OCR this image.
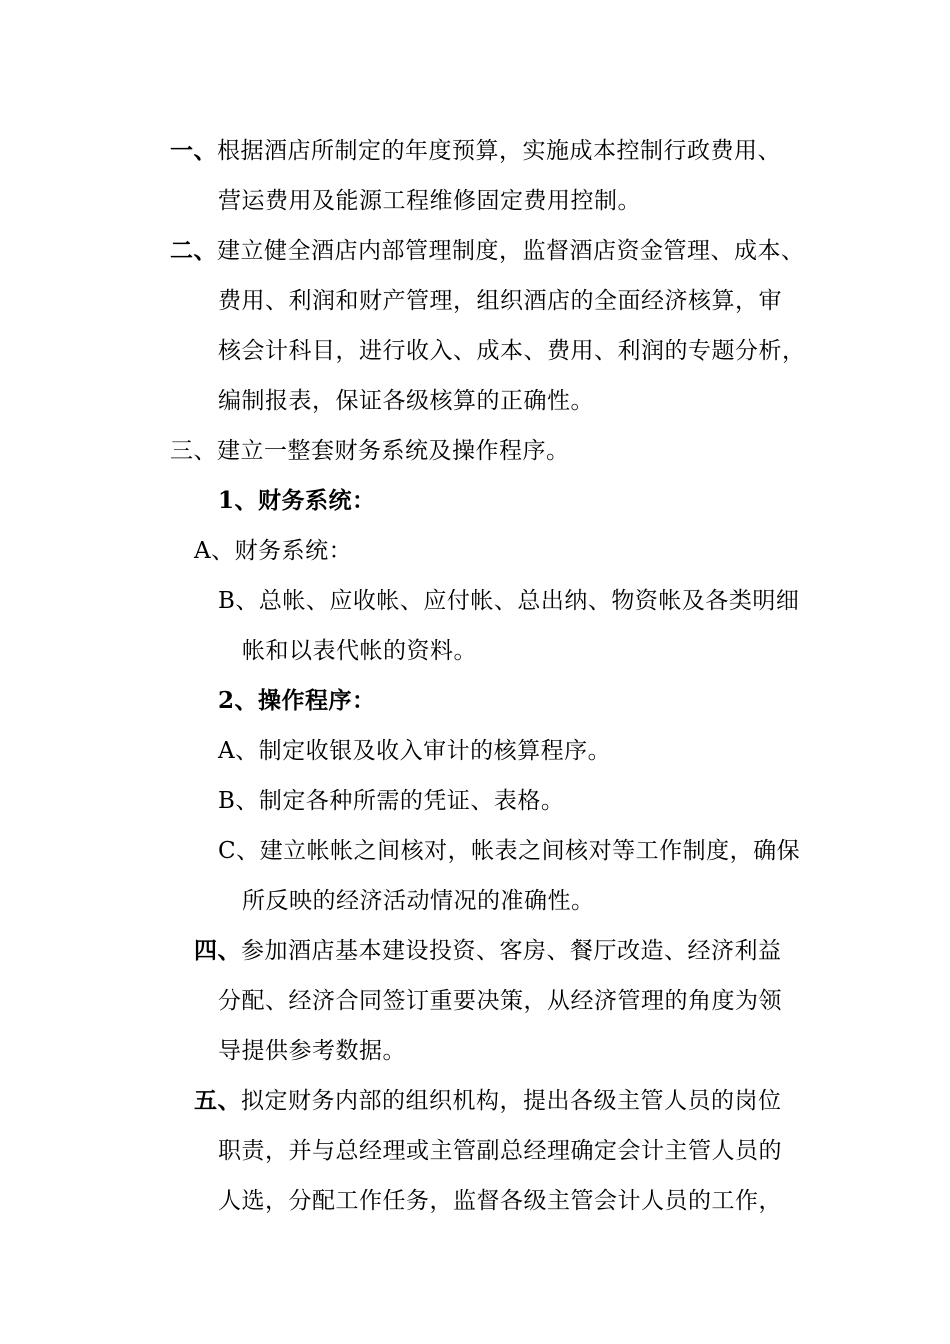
一、根据酒店所制定的年度预算，实施成本控制行政费用、
营运费用及能源工程维修固定费用控制。
二、建立健全酒店内部管理制度，监督酒店资金管理、成本、
费用、利润和财产管理，组织酒店的全面经济核算，审
核会计科目，进行收入、成本、费用、利润的专题分析，
编制报表，保证各级核算的正确性。
三、建立一整套财务系统及操作程序。
1、财务系统：
A、财务系统：
B、总帐、应收帐、应付帐、总出纳、物资帐及各类明细
帐和以表代帐的资料。
2、操作程序：
A、制定收银及收入审计的核算程序。
B、制定各种所需的凭证、表格。
C、建立帐帐之间核对，帐表之间核对等工作制度，确保
所反映的经济活动情况的准确性。
四、参加酒店基本建设投资、客房、餐厅改造、经济利益
分配、经济合同签订重要决策，从经济管理的角度为领
导提供参考数据。
五、拟定财务内部的组织机构，提出各级主管人员的岗位
职责，并与总经理或主管副总经理确定会计主管人员的
人选，分配工作任务，监督各级主管会计人员的工作，
